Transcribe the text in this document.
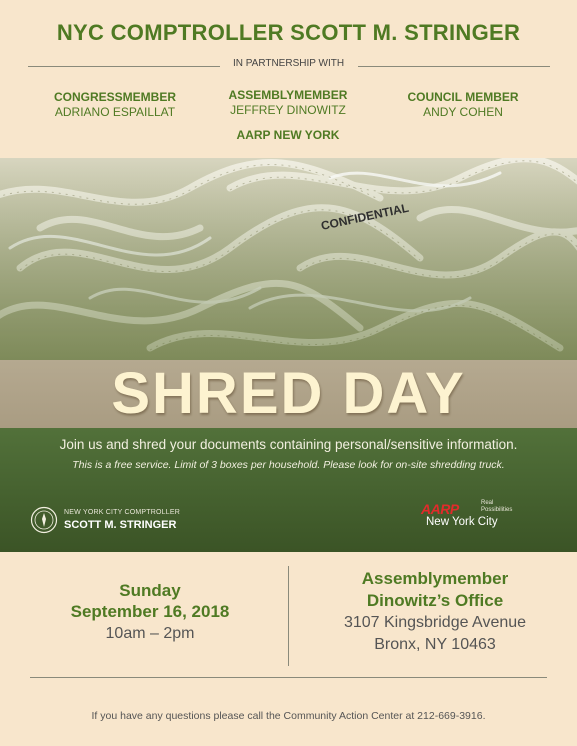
NYC COMPTROLLER SCOTT M. STRINGER
IN PARTNERSHIP WITH
CONGRESSMEMBER
ADRIANO ESPAILLAT
ASSEMBLYMEMBER
JEFFREY DINOWITZ
COUNCIL MEMBER
ANDY COHEN
AARP NEW YORK
CONFIDENTIAL
SHRED DAY
Join us and shred your documents containing personal/sensitive information.
This is a free service. Limit of 3 boxes per household. Please look for on-site shredding truck.
NEW YORK CITY COMPTROLLER
SCOTT M. STRINGER
AARP	Real Possibilities
New York City
Sunday
September 16, 2018
10am – 2pm
Assemblymember
Dinowitz’s Office
3107 Kingsbridge Avenue
Bronx, NY 10463
If you have any questions please call the Community Action Center at 212-669-3916.
